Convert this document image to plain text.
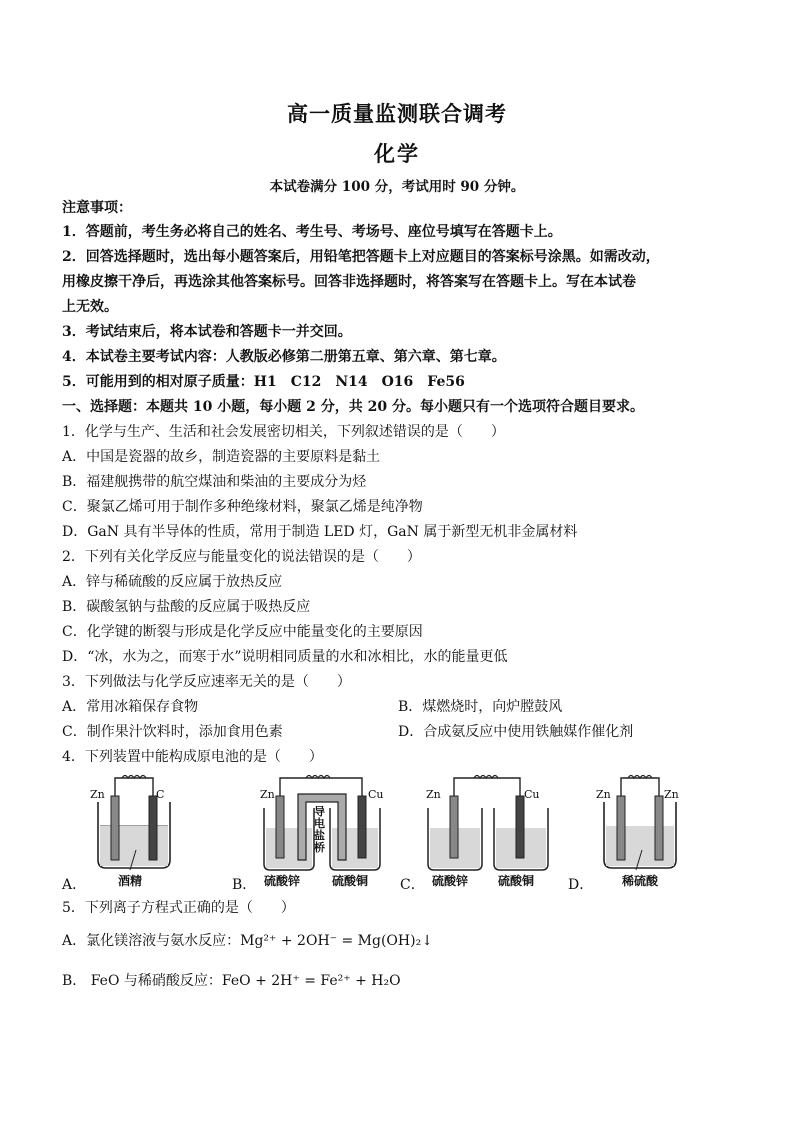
高一质量监测联合调考
化学
本试卷满分 100 分，考试用时 90 分钟。
注意事项：
1．答题前，考生务必将自己的姓名、考生号、考场号、座位号填写在答题卡上。
2．回答选择题时，选出每小题答案后，用铅笔把答题卡上对应题目的答案标号涂黑。如需改动，
用橡皮擦干净后，再选涂其他答案标号。回答非选择题时，将答案写在答题卡上。写在本试卷
上无效。
3．考试结束后，将本试卷和答题卡一并交回。
4．本试卷主要考试内容：人教版必修第二册第五章、第六章、第七章。
5．可能用到的相对原子质量：H1　C12　N14　O16　Fe56
一、选择题：本题共 10 小题，每小题 2 分，共 20 分。每小题只有一个选项符合题目要求。
1．化学与生产、生活和社会发展密切相关，下列叙述错误的是（　　）
A．中国是瓷器的故乡，制造瓷器的主要原料是黏土
B．福建舰携带的航空煤油和柴油的主要成分为烃
C．聚氯乙烯可用于制作多种绝缘材料，聚氯乙烯是纯净物
D．GaN 具有半导体的性质，常用于制造 LED 灯，GaN 属于新型无机非金属材料
2．下列有关化学反应与能量变化的说法错误的是（　　）
A．锌与稀硫酸的反应属于放热反应
B．碳酸氢钠与盐酸的反应属于吸热反应
C．化学键的断裂与形成是化学反应中能量变化的主要原因
D．“冰，水为之，而寒于水”说明相同质量的水和冰相比，水的能量更低
3．下列做法与化学反应速率无关的是（　　）
A．常用冰箱保存食物	B．煤燃烧时，向炉膛鼓风
C．制作果汁饮料时，添加食用色素	D．合成氨反应中使用铁触媒作催化剂
4．下列装置中能构成原电池的是（　　）
Zn	C
酒精
A．
Zn	Cu
导电盐桥
硫酸锌	硫酸铜
B．
Zn	Cu
硫酸锌 硫酸铜
C．
Zn	Zn
稀硫酸
D．
5．下列离子方程式正确的是（　　）
A．氯化镁溶液与氨水反应：Mg²⁺ + 2OH⁻ = Mg(OH)₂↓
B． FeO 与稀硝酸反应：FeO + 2H⁺ = Fe²⁺ + H₂O
